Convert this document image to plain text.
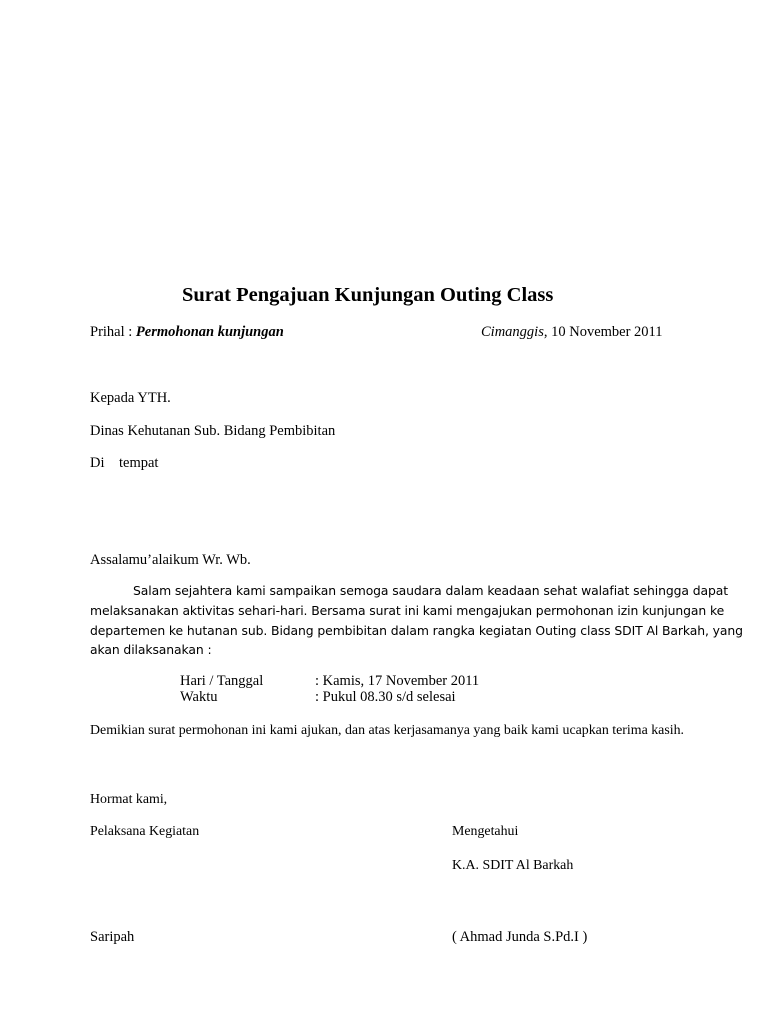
Surat Pengajuan Kunjungan Outing Class
Prihal : Permohonan kunjungan	Cimanggis, 10 November 2011
Kepada YTH.
Dinas Kehutanan Sub. Bidang Pembibitan
Di tempat
Assalamu’alaikum Wr. Wb.
Salam sejahtera kami sampaikan semoga saudara dalam keadaan sehat walafiat sehingga dapat
melaksanakan aktivitas sehari-hari. Bersama surat ini kami mengajukan permohonan izin kunjungan ke
departemen ke hutanan sub. Bidang pembibitan dalam rangka kegiatan Outing class SDIT Al Barkah, yang
akan dilaksanakan :
Hari / Tanggal	: Kamis, 17 November 2011
Waktu	: Pukul 08.30 s/d selesai
Demikian surat permohonan ini kami ajukan, dan atas kerjasamanya yang baik kami ucapkan terima kasih.
Hormat kami,
Pelaksana Kegiatan	Mengetahui
K.A. SDIT Al Barkah
Saripah	( Ahmad Junda S.Pd.I )
